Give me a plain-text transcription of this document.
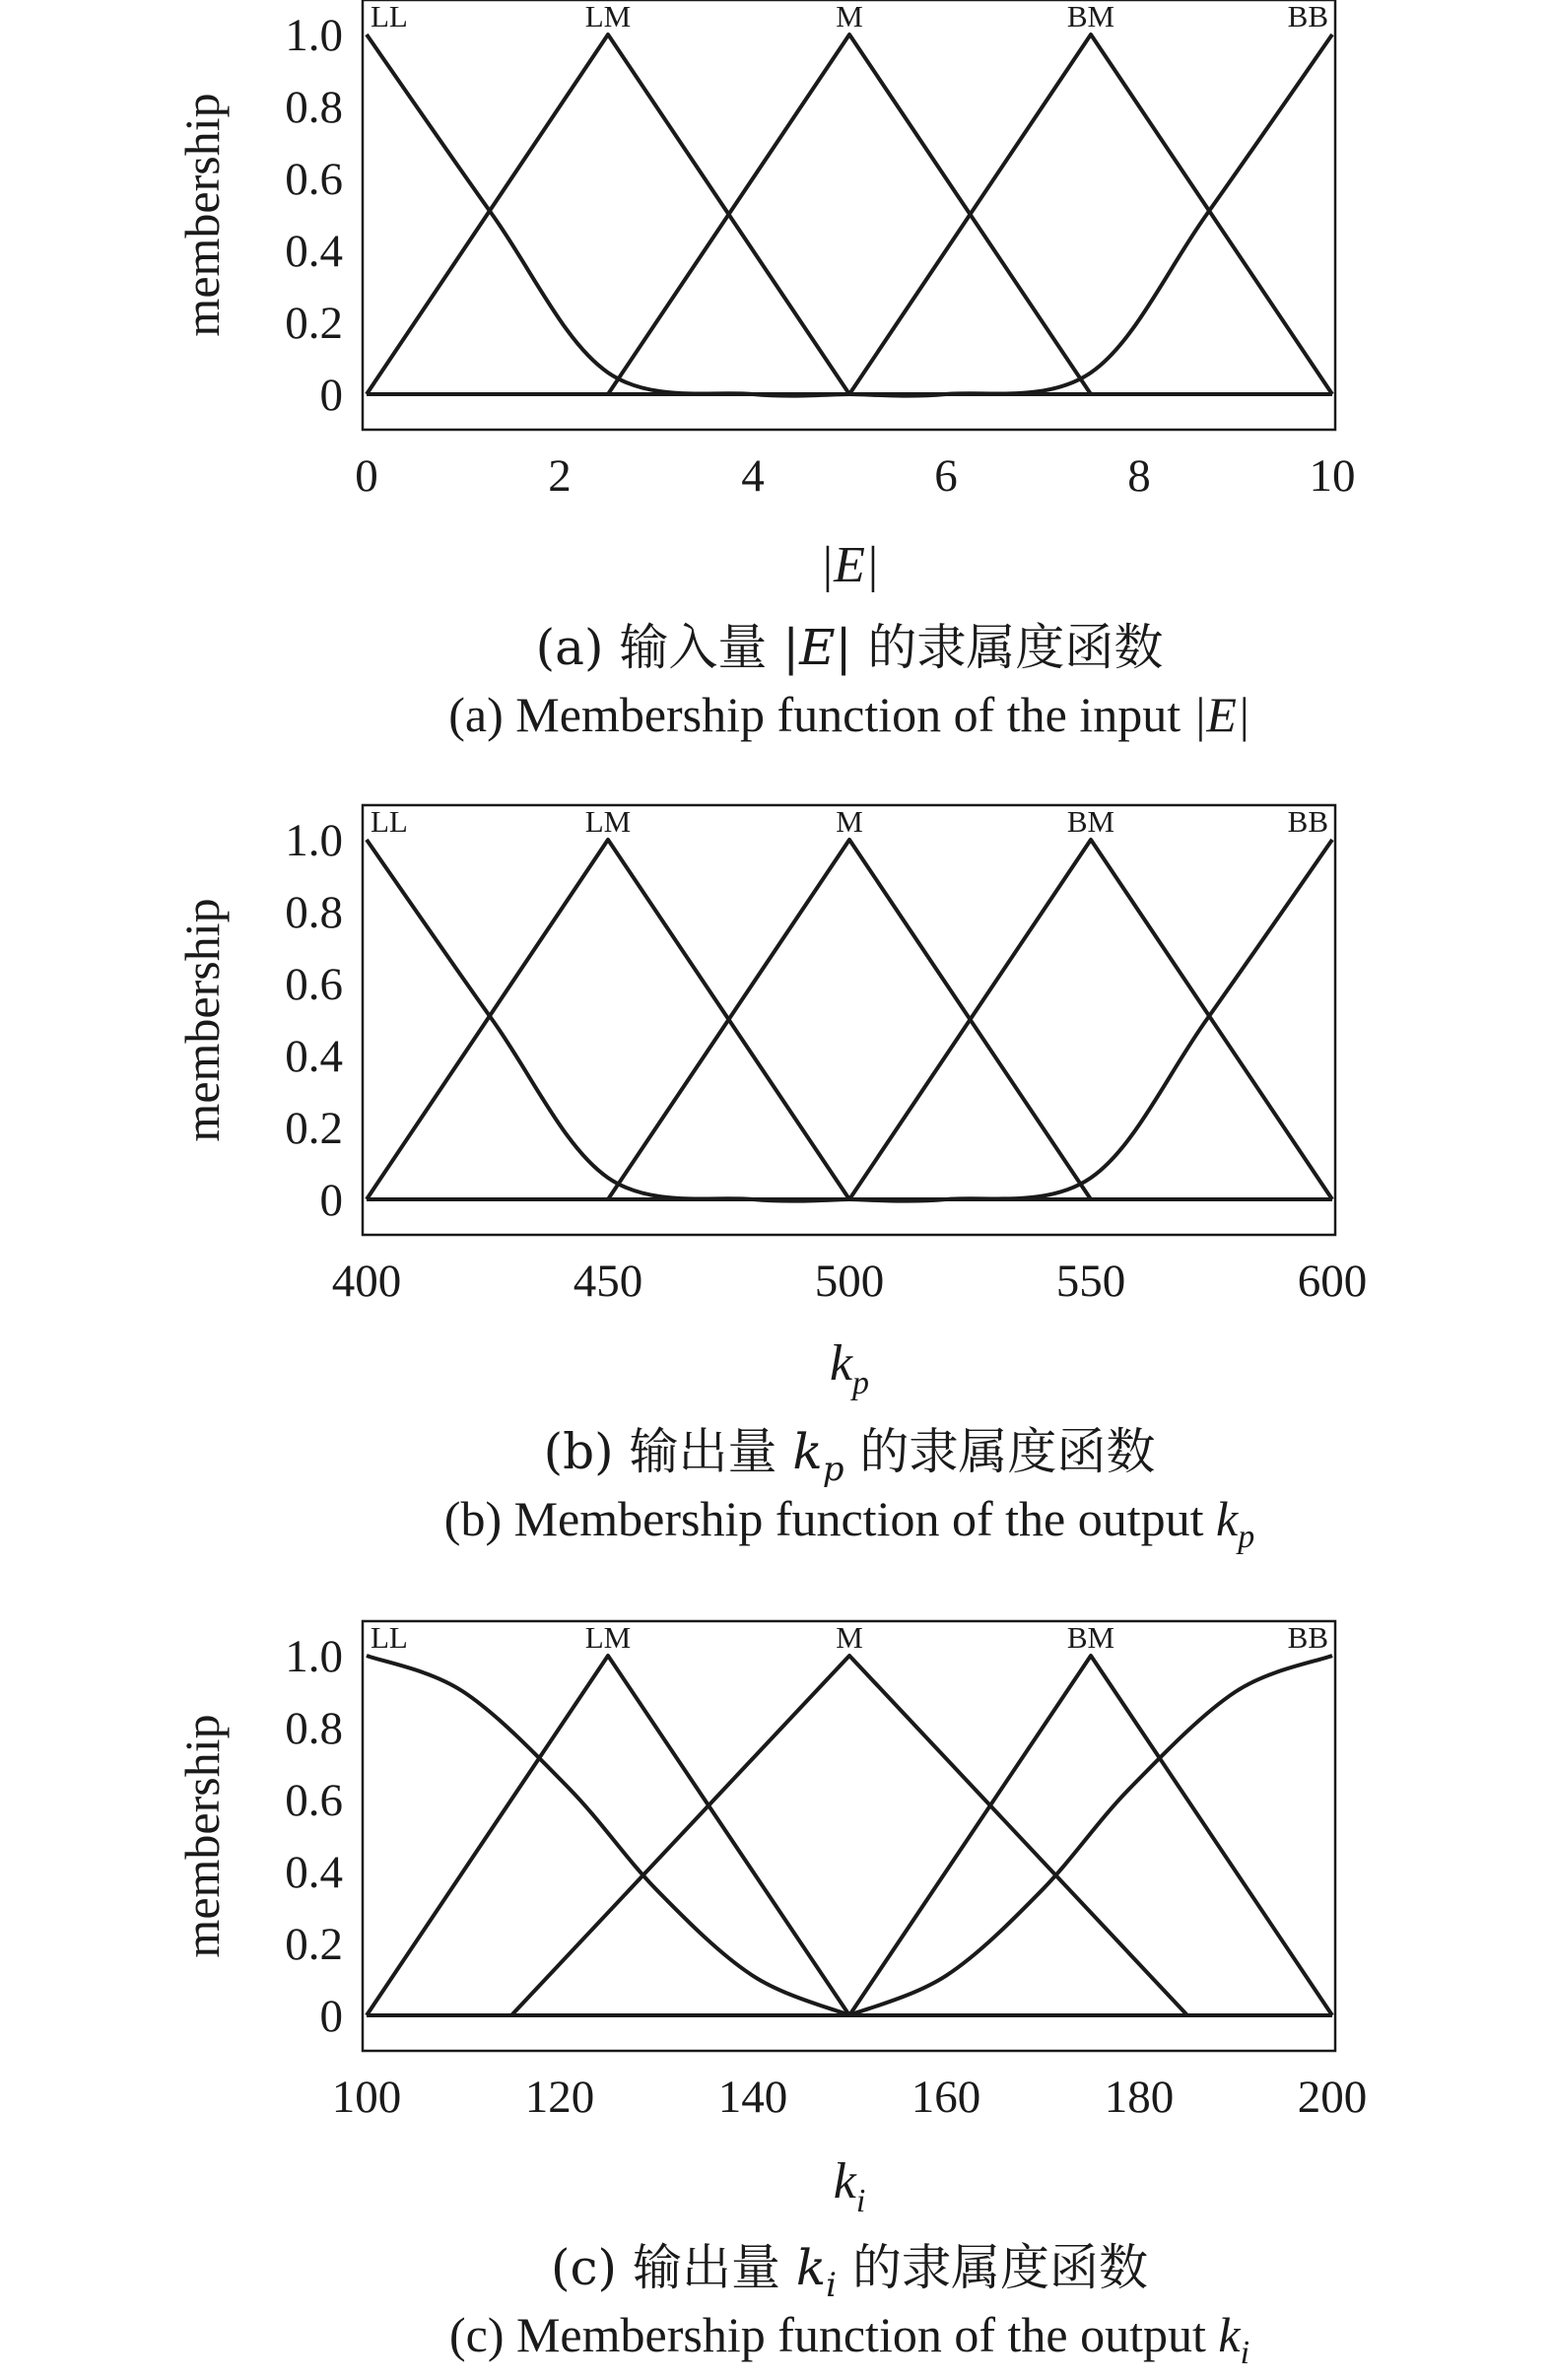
0
0.2
0.4
0.6
0.8
1.0
0	2	4	6	8	10
LL	LM	M	BM	BB
membership
|E|
(a) 输入量 |E| 的隶属度函数
(a) Membership function of the input |E|
0
0.2
0.4
0.6
0.8
1.0
400	450	500	550	600
LL	LM	M	BM	BB
membership
$k_p$
(b) 输出量 $k_p$ 的隶属度函数
(b) Membership function of the output $k_p$
0
0.2
0.4
0.6
0.8
1.0
100	120	140	160	180	200
LL	LM	M	BM	BB
membership
$k_i$
(c) 输出量 $k_i$ 的隶属度函数
(c) Membership function of the output $k_i$
